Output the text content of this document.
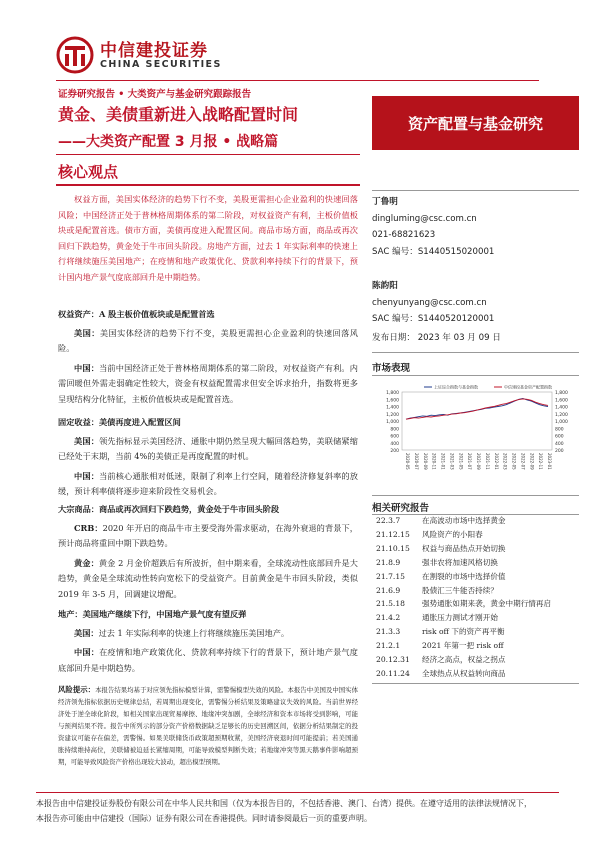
中信建投证券
CHINA SECURITIES
证券研究报告 • 大类资产与基金研究跟踪报告
黄金、美债重新进入战略配置时间
——大类资产配置 3 月报 • 战略篇
资产配置与基金研究
核心观点

权益方面，美国实体经济的趋势下行不变，美股更需担心企业盈利的快速回落风险；中国经济正处于普林格周期体系的第二阶段，对权益资产有利，主板价值板块或是配置首选。债市方面，美债再度进入配置区间。商品市场方面，商品或再次回归下跌趋势，黄金处于牛市回头阶段。房地产方面，过去 1 年实际利率的快速上行将继续施压美国地产；在疫情和地产政策优化、贷款利率持续下行的背景下，预计国内地产景气度底部回升是中期趋势。

权益资产：A 股主板价值板块或是配置首选

美国：美国实体经济的趋势下行不变，美股更需担心企业盈利的快速回落风险。

中国：当前中国经济正处于普林格周期体系的第二阶段，对权益资产有利。内需回暖但外需走弱确定性较大，资金有权益配置需求但安全诉求抬升，指数将更多呈现结构分化特征，主板价值板块或是配置首选。

固定收益：美债再度进入配置区间

美国：领先指标显示美国经济、通胀中期仍然呈现大幅回落趋势，美联储紧缩已经处于末期，当前 4%的美债正是再度配置的时机。

中国：当前核心通胀相对低迷，限制了利率上行空间，随着经济修复斜率的放缓，预计利率债将逐步迎来阶段性交易机会。

大宗商品：商品或再次回归下跌趋势，黄金处于牛市回头阶段

CRB：2020 年开启的商品牛市主要受海外需求驱动，在海外衰退的背景下，预计商品将重回中期下跌趋势。

黄金：黄金 2 月金价超跌后有所波折，但中期来看，全球流动性底部回升是大趋势，黄金是全球流动性转向宽松下的受益资产。目前黄金是牛市回头阶段，类似 2019 年 3-5 月，回调建议增配。

地产：美国地产继续下行，中国地产景气度有望反弹

美国：过去 1 年实际利率的快速上行将继续施压美国地产。

中国：在疫情和地产政策优化、贷款利率持续下行的背景下，预计地产景气度底部回升是中期趋势。

风险提示：本报告结果均基于对应领先指标模型计算，需警惕模型失效的风险。本报告中美国及中国实体经济领先指标依据历史规律总结，若周期出现变化，需警惕分析结果及策略建议失效的风险。当前世界经济处于逆全球化阶段，如相关国家出现贸易摩擦、地缘冲突加剧，全球经济和资本市场将受到影响，可能与预判结果不符。报告中所列示的部分资产价格数据缺乏足够长的历史回溯区间，依据分析结果制定的投资建议可能存在偏差，需警惕。如果美联储货币政策超预期收紧，美国经济衰退时间可能提前；若美国通胀持续维持高位，美联储被迫延长紧缩周期，可能导致模型判断失效；若地缘冲突等黑天鹅事件影响超预期，可能导致风险资产价格出现较大波动，超出模型预期。
丁鲁明
dingluming@csc.com.cn
021-68821623
SAC 编号：S1440515020001
陈韵阳
chenyunyang@csc.com.cn
SAC 编号：S1440520120001
发布日期： 2023 年 03 月 09 日
市场表现
1,800	1,800
1,600	1,600
1,400	1,400
1,200	1,200
1,000	1,000
800	800
600	600
400	400
200	200
2020-05 2020-07 2020-09 2020-11 2021-01 2021-03 2021-05 2021-07 2021-09 2021-11 2022-01 2022-03 2022-05 2022-07 2022-09 2022-11 2023-01
上证综合指数与基金指数	中信建投基金资产配置指数
相关研究报告
22.3.7	在高波动市场中选择黄金
21.12.15	风险资产的小阳春
21.10.15	权益与商品热点开始切换
21.8.9	强非农将加速风格切换
21.7.15	在割裂的市场中选择价值
21.6.9	股债汇三牛能否持续？
21.5.18	强势通胀如期来袭，黄金中期行情再启
21.4.2	通胀压力测试才刚开始
21.3.3	risk off 下的资产再平衡
21.2.1	2021 年第一把 risk off
20.12.31	经济之高点，权益之拐点
20.11.24	全球热点从权益转向商品
本报告由中信建投证券股份有限公司在中华人民共和国（仅为本报告目的，不包括香港、澳门、台湾）提供。在遵守适用的法律法规情况下，
本报告亦可能由中信建投（国际）证券有限公司在香港提供。同时请参阅最后一页的重要声明。
